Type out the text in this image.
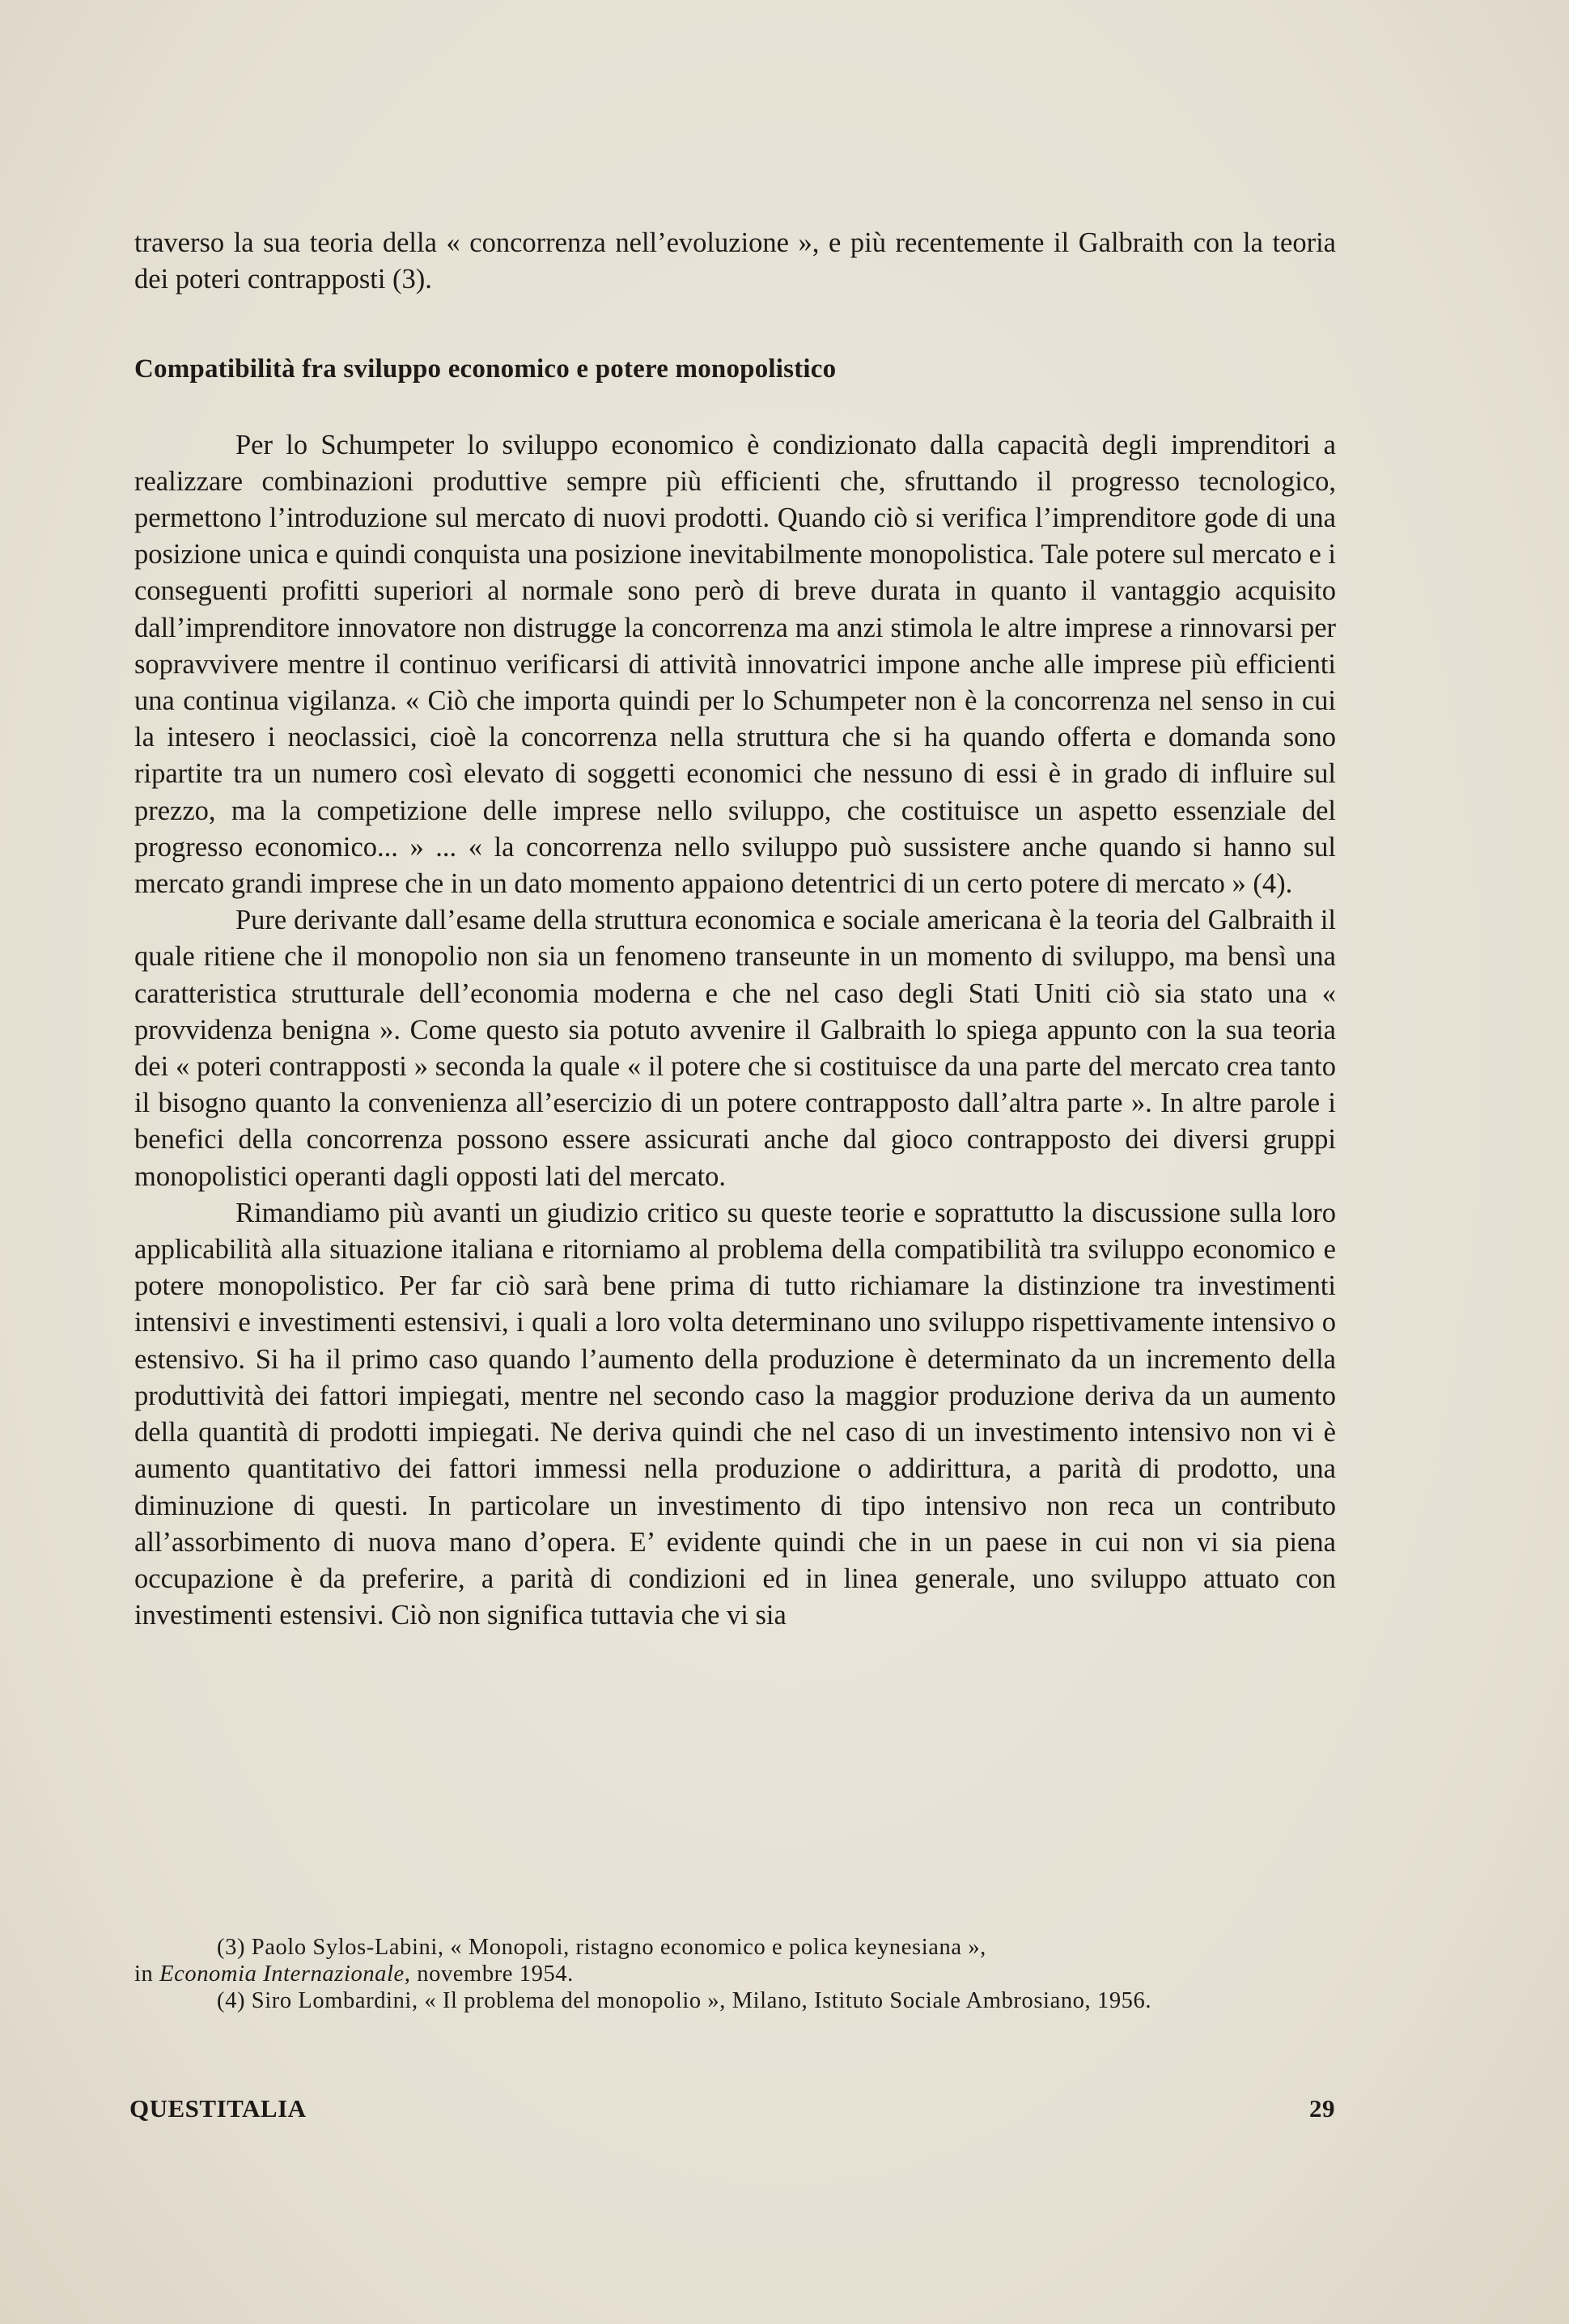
traverso la sua teoria della « concorrenza nell’evoluzione », e più recentemente il Galbraith con la teoria dei poteri contrapposti (3).

Compatibilità fra sviluppo economico e potere monopolistico

Per lo Schumpeter lo sviluppo economico è condizionato dalla capacità degli imprenditori a realizzare combinazioni produttive sempre più efficienti che, sfruttando il progresso tecnologico, permettono l’introduzione sul mercato di nuovi prodotti. Quando ciò si verifica l’imprenditore gode di una posizione unica e quindi conquista una posizione inevitabilmente monopolistica. Tale potere sul mercato e i conseguenti profitti superiori al normale sono però di breve durata in quanto il vantaggio acquisito dall’imprenditore innovatore non distrugge la concorrenza ma anzi stimola le altre imprese a rinnovarsi per sopravvivere mentre il continuo verificarsi di attività innovatrici impone anche alle imprese più efficienti una continua vigilanza. « Ciò che importa quindi per lo Schumpeter non è la concorrenza nel senso in cui la intesero i neoclassici, cioè la concorrenza nella struttura che si ha quando offerta e domanda sono ripartite tra un numero così elevato di soggetti economici che nessuno di essi è in grado di influire sul prezzo, ma la competizione delle imprese nello sviluppo, che costituisce un aspetto essenziale del progresso economico... » ... « la concorrenza nello sviluppo può sussistere anche quando si hanno sul mercato grandi imprese che in un dato momento appaiono detentrici di un certo potere di mercato » (4).

Pure derivante dall’esame della struttura economica e sociale americana è la teoria del Galbraith il quale ritiene che il monopolio non sia un fenomeno transeunte in un momento di sviluppo, ma bensì una caratteristica strutturale dell’economia moderna e che nel caso degli Stati Uniti ciò sia stato una « provvidenza benigna ». Come questo sia potuto avvenire il Galbraith lo spiega appunto con la sua teoria dei « poteri contrapposti » seconda la quale « il potere che si costituisce da una parte del mercato crea tanto il bisogno quanto la convenienza all’esercizio di un potere contrapposto dall’altra parte ». In altre parole i benefici della concorrenza possono essere assicurati anche dal gioco contrapposto dei diversi gruppi monopolistici operanti dagli opposti lati del mercato.

Rimandiamo più avanti un giudizio critico su queste teorie e soprattutto la discussione sulla loro applicabilità alla situazione italiana e ritorniamo al problema della compatibilità tra sviluppo economico e potere monopolistico. Per far ciò sarà bene prima di tutto richiamare la distinzione tra investimenti intensivi e investimenti estensivi, i quali a loro volta determinano uno sviluppo rispettivamente intensivo o estensivo. Si ha il primo caso quando l’aumento della produzione è determinato da un incremento della produttività dei fattori impiegati, mentre nel secondo caso la maggior produzione deriva da un aumento della quantità di prodotti impiegati. Ne deriva quindi che nel caso di un investimento intensivo non vi è aumento quantitativo dei fattori immessi nella produzione o addirittura, a parità di prodotto, una diminuzione di questi. In particolare un investimento di tipo intensivo non reca un contributo all’assorbimento di nuova mano d’opera. E’ evidente quindi che in un paese in cui non vi sia piena occupazione è da preferire, a parità di condizioni ed in linea generale, uno sviluppo attuato con investimenti estensivi. Ciò non significa tuttavia che vi sia

(3) Paolo Sylos-Labini, « Monopoli, ristagno economico e polica keynesiana »,
in Economia Internazionale, novembre 1954.

(4) Siro Lombardini, « Il problema del monopolio », Milano, Istituto Sociale Ambrosiano, 1956.

QUESTITALIA	29
